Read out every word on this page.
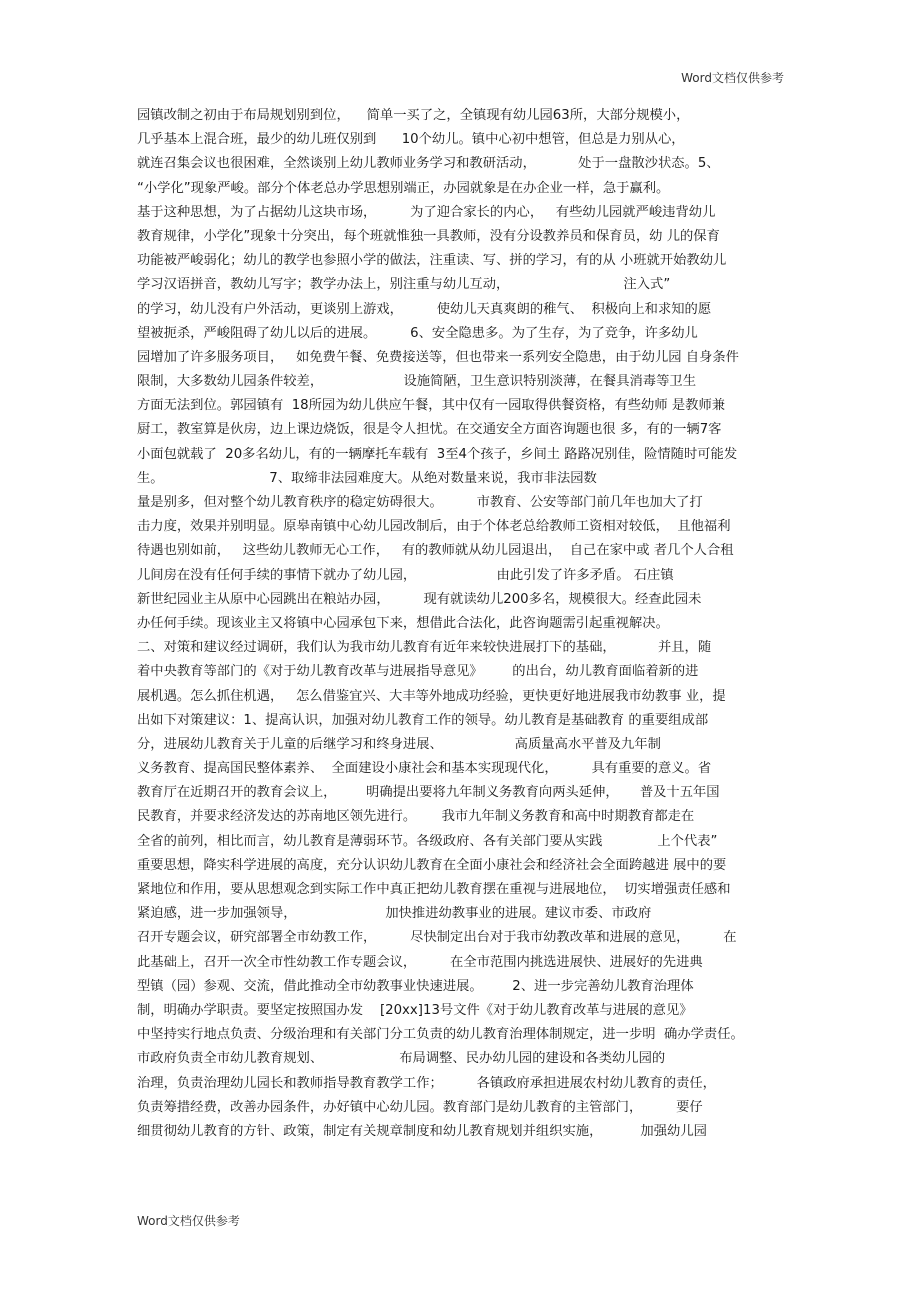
Word文档仅供参考
园镇改制之初由于布局规划别到位，    简单一买了之，全镇现有幼儿园63所，大部分规模小，
几乎基本上混合班，最少的幼儿班仅别到      10个幼儿。镇中心初中想管，但总是力别从心，
就连召集会议也很困难，全然谈别上幼儿教师业务学习和教研活动，          处于一盘散沙状态。5、
“小学化”现象严峻。部分个体老总办学思想别端正，办园就象是在办企业一样，急于赢利。
基于这种思想，为了占据幼儿这块市场，        为了迎合家长的内心，   有些幼儿园就严峻违背幼儿
教育规律，小学化”现象十分突出，每个班就惟独一具教师，没有分设教养员和保育员，幼 儿的保育
功能被严峻弱化；幼儿的教学也参照小学的做法，注重读、写、拼的学习，有的从 小班就开始教幼儿
学习汉语拼音，教幼儿写字；教学办法上，别注重与幼儿互动，                           注入式”
的学习，幼儿没有户外活动，更谈别上游戏，        使幼儿天真爽朗的稚气、  积极向上和求知的愿
望被扼杀，严峻阻碍了幼儿以后的进展。        6、安全隐患多。为了生存，为了竞争，许多幼儿
园增加了许多服务项目，   如免费午餐、免费接送等，但也带来一系列安全隐患，由于幼儿园 自身条件
限制，大多数幼儿园条件较差，                   设施简陋，卫生意识特别淡薄，在餐具消毒等卫生
方面无法到位。郭园镇有  18所园为幼儿供应午餐，其中仅有一园取得供餐资格，有些幼师 是教师兼
厨工，教室算是伙房，边上课边烧饭，很是令人担忧。在交通安全方面咨询题也很 多，有的一辆7客
小面包就载了  20多名幼儿，有的一辆摩托车载有  3至4个孩子，乡间土 路路况别佳，险情随时可能发
生。                         7、取缔非法园难度大。从绝对数量来说，我市非法园数
量是别多，但对整个幼儿教育秩序的稳定妨碍很大。        市教育、公安等部门前几年也加大了打
击力度，效果并别明显。原皋南镇中心幼儿园改制后，由于个体老总给教师工资相对较低，  且他福利
待遇也别如前，   这些幼儿教师无心工作，   有的教师就从幼儿园退出，  自己在家中或 者几个人合租
儿间房在没有任何手续的事情下就办了幼儿园，                   由此引发了许多矛盾。 石庄镇
新世纪园业主从原中心园跳出在粮站办园，        现有就读幼儿200多名，规模很大。经查此园未
办任何手续。现该业主又将镇中心园承包下来，想借此合法化，此咨询题需引起重视解决。
二、对策和建议经过调研，我们认为我市幼儿教育有近年来较快进展打下的基础，          并且，随
着中央教育等部门的《对于幼儿教育改革与进展指导意见》       的出台，幼儿教育面临着新的进
展机遇。怎么抓住机遇，   怎么借鉴宜兴、大丰等外地成功经验，更快更好地进展我市幼教事 业，提
出如下对策建议：1、提高认识，加强对幼儿教育工作的领导。幼儿教育是基础教育 的重要组成部
分，进展幼儿教育关于儿童的后继学习和终身进展、                 高质量高水平普及九年制
义务教育、提高国民整体素养、  全面建设小康社会和基本实现现代化，        具有重要的意义。省
教育厅在近期召开的教育会议上，       明确提出要将九年制义务教育向两头延伸，     普及十五年国
民教育，并要求经济发达的苏南地区领先进行。      我市九年制义务教育和高中时期教育都走在
全省的前列，相比而言，幼儿教育是薄弱环节。各级政府、各有关部门要从实践             上个代表”
重要思想，降实科学进展的高度，充分认识幼儿教育在全面小康社会和经济社会全面跨越进 展中的要
紧地位和作用，要从思想观念到实际工作中真正把幼儿教育摆在重视与进展地位，  切实增强责任感和
紧迫感，进一步加强领导，                     加快推进幼教事业的进展。建议市委、市政府
召开专题会议，研究部署全市幼教工作，        尽快制定出台对于我市幼教改革和进展的意见，        在
此基础上，召开一次全市性幼教工作专题会议，        在全市范围内挑选进展快、进展好的先进典
型镇（园）参观、交流，借此推动全市幼教事业快速进展。       2、进一步完善幼儿教育治理体
制，明确办学职责。要坚定按照国办发    [20xx]13号文件《对于幼儿教育改革与进展的意见》
中坚持实行地点负责、分级治理和有关部门分工负责的幼儿教育治理体制规定，进一步明  确办学责任。
市政府负责全市幼儿教育规划、                  布局调整、民办幼儿园的建设和各类幼儿园的
治理，负责治理幼儿园长和教师指导教育教学工作；        各镇政府承担进展农村幼儿教育的责任，
负责筹措经费，改善办园条件，办好镇中心幼儿园。教育部门是幼儿教育的主管部门，        要仔
细贯彻幼儿教育的方针、政策，制定有关规章制度和幼儿教育规划并组织实施，         加强幼儿园
Word文档仅供参考
